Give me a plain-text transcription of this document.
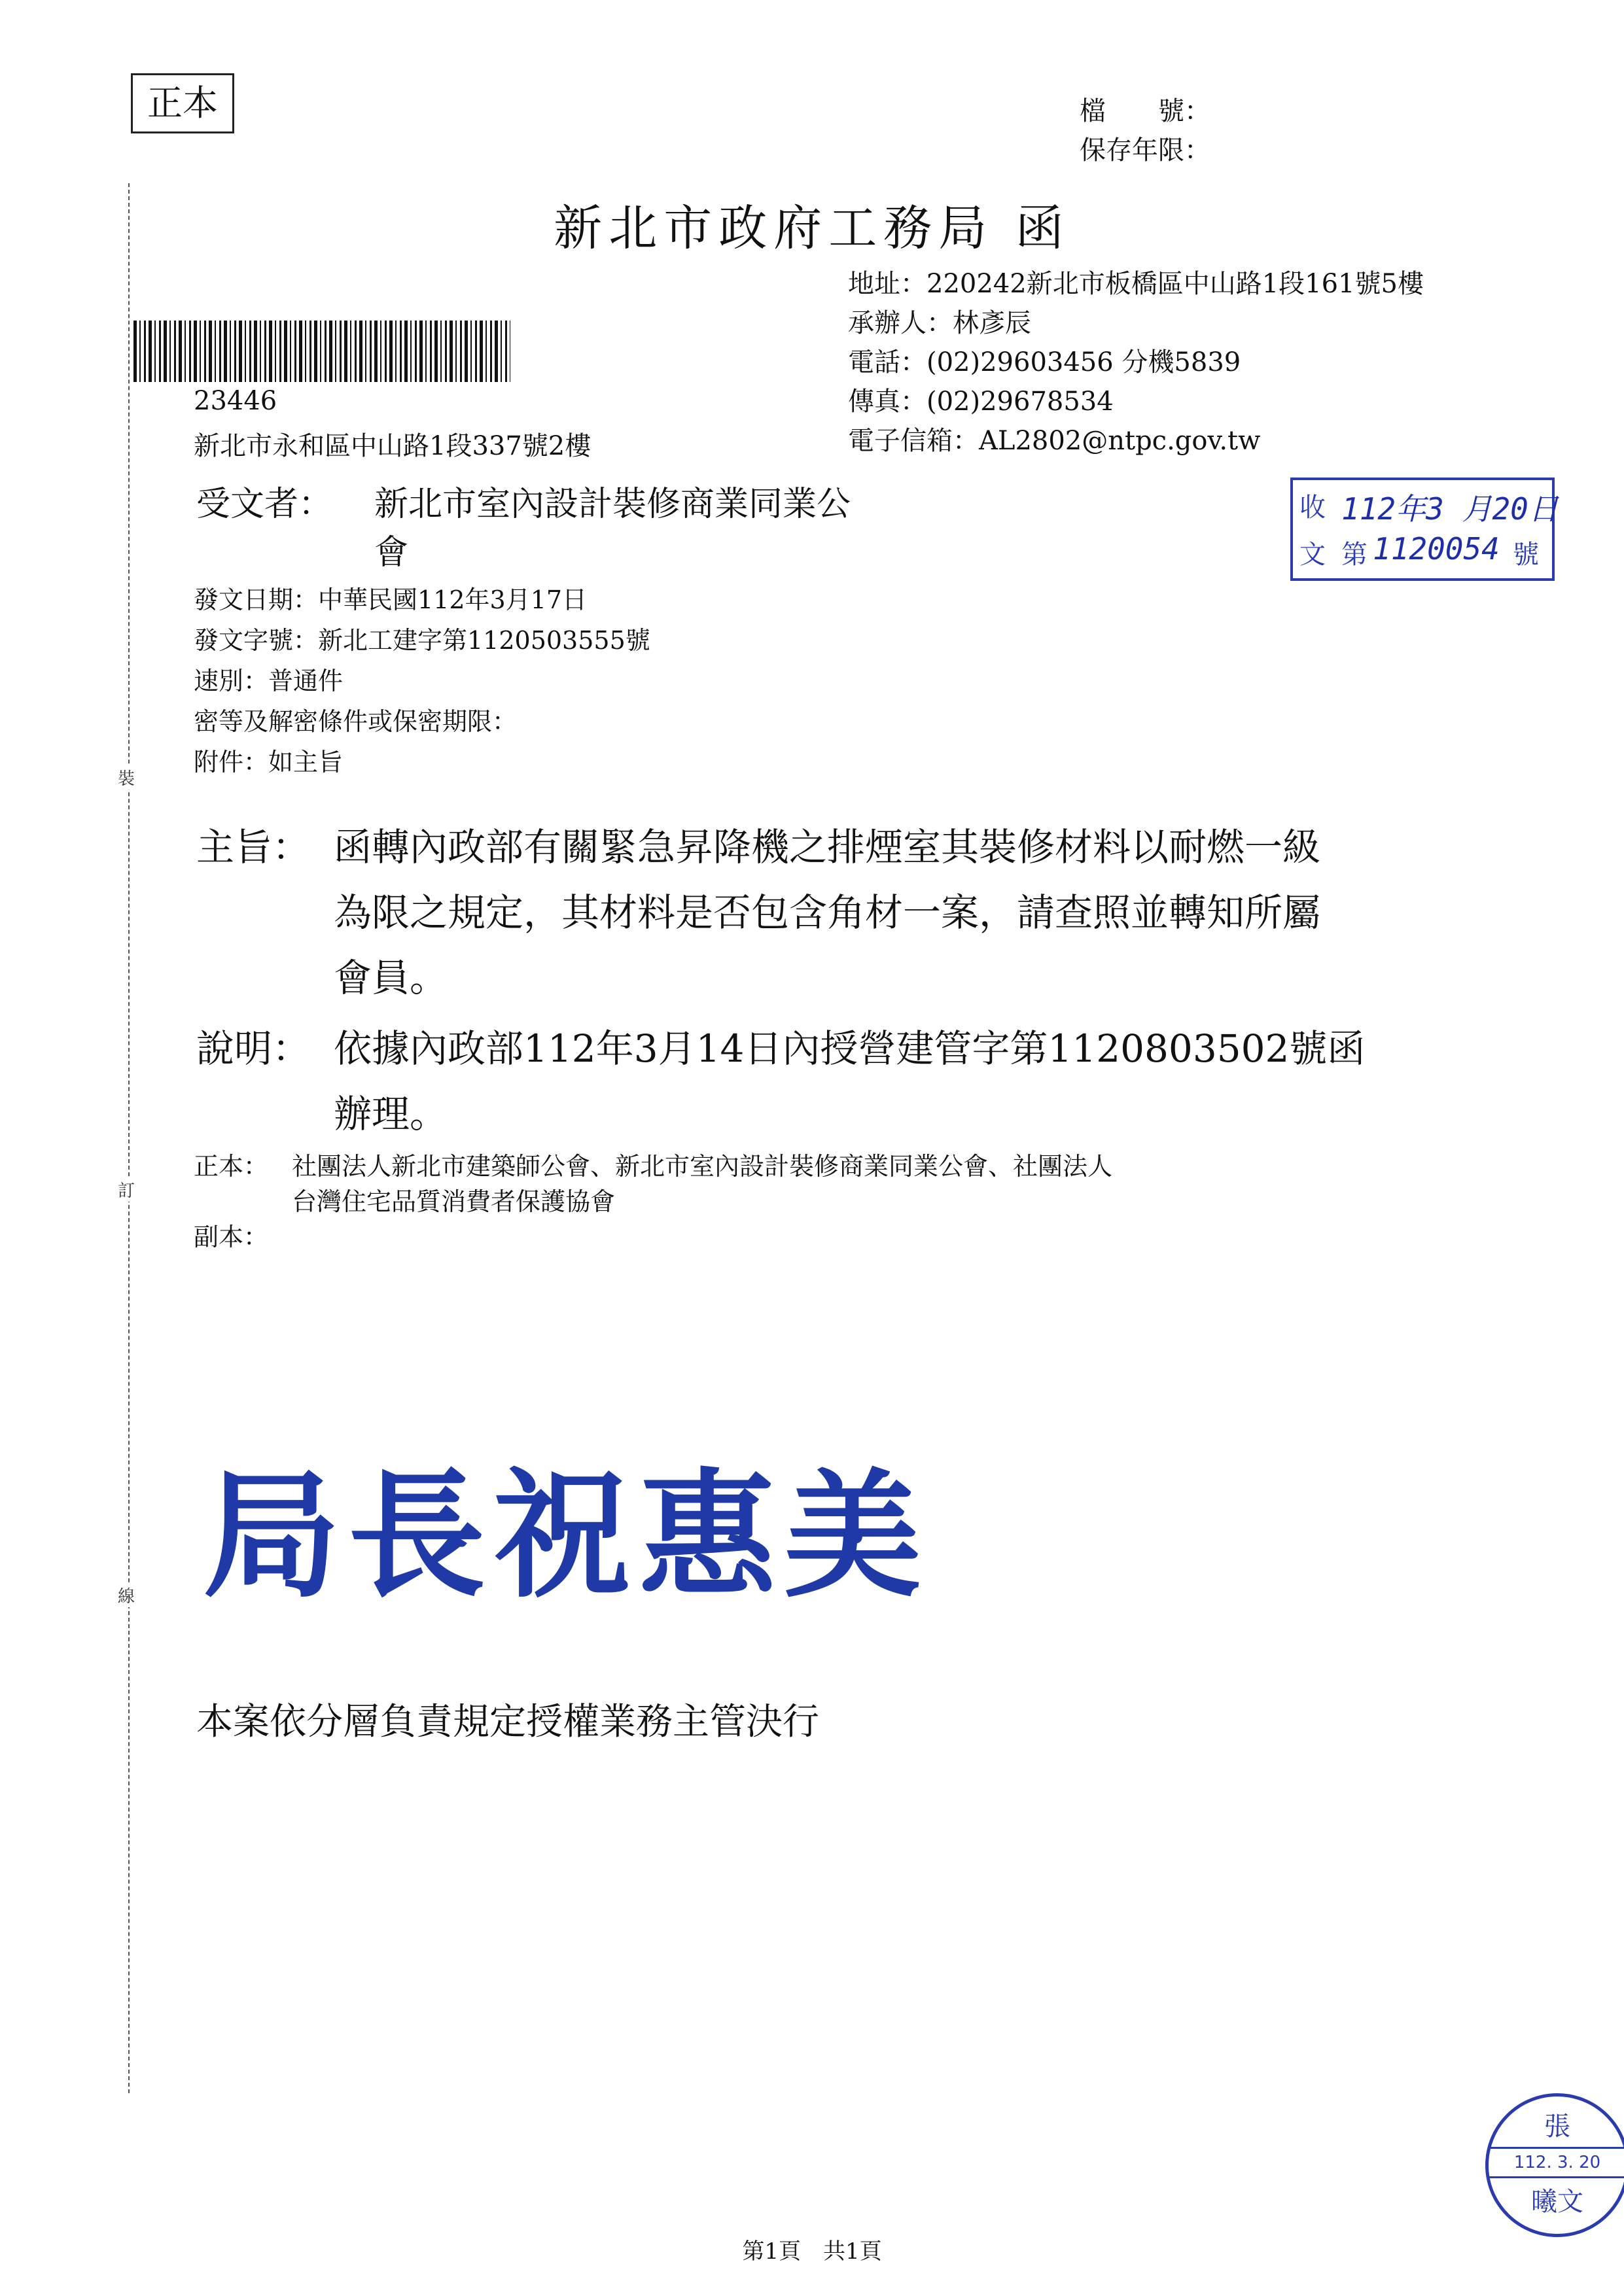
正本	檔　　號：
保存年限：
新北市政府工務局 函
地址：220242新北市板橋區中山路1段161號5樓
承辦人：林彥辰
電話：(02)29603456 分機5839
傳真：(02)29678534
電子信箱：AL2802@ntpc.gov.tw
23446
新北市永和區中山路1段337號2樓
受文者： 新北市室內設計裝修商業同業公
會
收
文
112年3 月20日
第 1120054 號
發文日期：中華民國112年3月17日
發文字號：新北工建字第1120503555號
速別：普通件
密等及解密條件或保密期限：
附件：如主旨
主旨： 函轉內政部有關緊急昇降機之排煙室其裝修材料以耐燃一級
為限之規定，其材料是否包含角材一案，請查照並轉知所屬
會員。
說明： 依據內政部112年3月14日內授營建管字第1120803502號函
辦理。
正本： 社團法人新北市建築師公會、新北市室內設計裝修商業同業公會、社團法人
台灣住宅品質消費者保護協會
副本：
裝
訂
線 局長祝惠美
本案依分層負責規定授權業務主管決行
張
112. 3. 20
曦文
第1頁　共1頁
